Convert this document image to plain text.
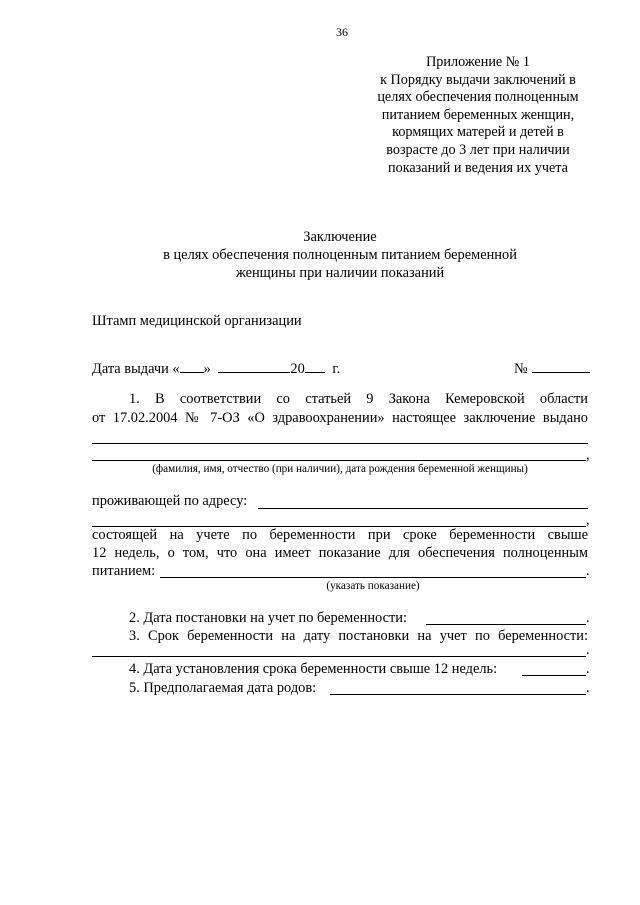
36
Приложение № 1
к Порядку выдачи заключений в
целях обеспечения полноценным
питанием беременных женщин,
кормящих матерей и детей в
возрасте до 3 лет при наличии
показаний и ведения их учета
Заключение
в целях обеспечения полноценным питанием беременной
женщины при наличии показаний
Штамп медицинской организации
Дата выдачи « »	20 г.	№
1. В соответствии со статьей 9 Закона Кемеровской области
от 17.02.2004 № 7-ОЗ «О здравоохранении» настоящее заключение выдано
,
(фамилия, имя, отчество (при наличии), дата рождения беременной женщины)
проживающей по адресу:
,
состоящей на учете по беременности при сроке беременности свыше
12 недель, о том, что она имеет показание для обеспечения полноценным
питанием:	.
(указать показание)
2. Дата постановки на учет по беременности:	.
3. Срок беременности на дату постановки на учет по беременности:
.
4. Дата установления срока беременности свыше 12 недель:	.
5. Предполагаемая дата родов:	.
